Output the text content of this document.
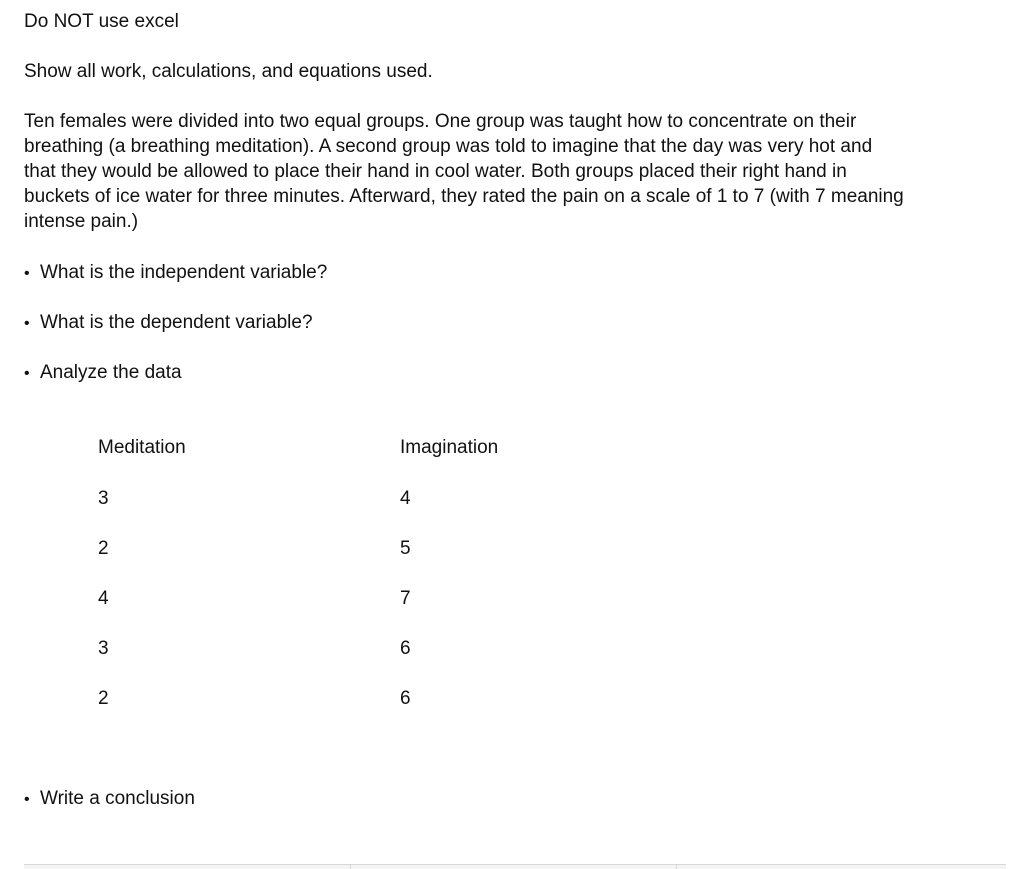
Do NOT use excel
Show all work, calculations, and equations used.
Ten females were divided into two equal groups. One group was taught how to concentrate on their
breathing (a breathing meditation). A second group was told to imagine that the day was very hot and
that they would be allowed to place their hand in cool water. Both groups placed their right hand in
buckets of ice water for three minutes. Afterward, they rated the pain on a scale of 1 to 7 (with 7 meaning
intense pain.)
• What is the independent variable?
• What is the dependent variable?
• Analyze the data
Meditation	Imagination
3	4
2	5
4	7
3	6
2	6
• Write a conclusion
